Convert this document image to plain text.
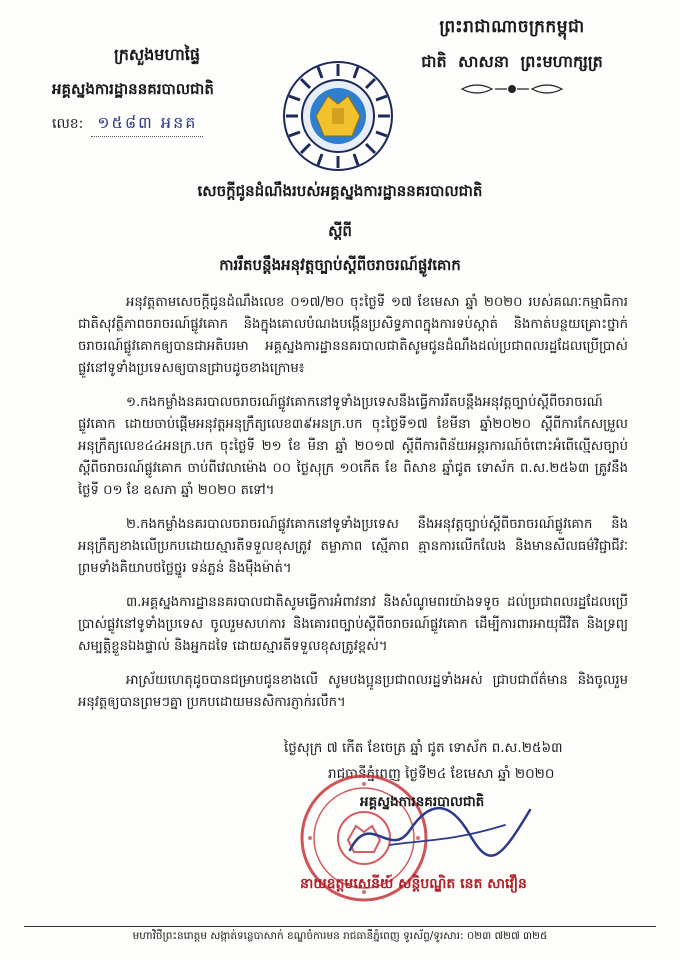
ព្រះរាជាណាចក្រកម្ពុជា
ជាតិ សាសនា ព្រះមហាក្សត្រ
ក្រសួងមហាផ្ទៃ
អគ្គស្នងការដ្ឋាននគរបាលជាតិ
លេខ: ១៥៨៣ អនគ
សេចក្តីជូនដំណឹងរបស់អគ្គស្នងការដ្ឋាននគរបាលជាតិ
ស្តីពី
ការរឹតបន្តឹងអនុវត្តច្បាប់ស្តីពីចរាចរណ៍ផ្លូវគោក

អនុវត្តតាមសេចក្តីជូនដំណឹងលេខ ០១៧/២០ ចុះថ្ងៃទី ១៧ ខែមេសា ឆ្នាំ ២០២០ របស់គណៈកម្មាធិការជាតិសុវត្ថិភាពចរាចរណ៍ផ្លូវគោក និងក្នុងគោលបំណងបង្កើនប្រសិទ្ធភាពក្នុងការទប់ស្កាត់ និងកាត់បន្ថយគ្រោះថ្នាក់ចរាចរណ៍ផ្លូវគោកឲ្យបានជាអតិបរមា អគ្គស្នងការដ្ឋាននគរបាលជាតិសូមជូនដំណឹងដល់ប្រជាពលរដ្ឋដែលប្រើប្រាស់ផ្លូវនៅទូទាំងប្រទេសឲ្យបានជ្រាបដូចខាងក្រោម៖

១.កងកម្លាំងនគរបាលចរាចរណ៍ផ្លូវគោកនៅទូទាំងប្រទេសនឹងធ្វើការរឹតបន្តឹងអនុវត្តច្បាប់ស្តីពីចរាចរណ៍ផ្លូវគោក ដោយចាប់ផ្តើមអនុវត្តអនុក្រឹត្យលេខ៣៩អនក្រ.បក ចុះថ្ងៃទី១៧ ខែមីនា ឆ្នាំ២០២០ ស្តីពីការកែសម្រួលអនុក្រឹត្យលេខ៤៤អនក្រ.បក ចុះថ្ងៃទី ២១ ខែ មីនា ឆ្នាំ ២០១៧ ស្តីពីការពិន័យអន្តរការណ៍ចំពោះអំពើល្មើសច្បាប់ស្តីពីចរាចរណ៍ផ្លូវគោក ចាប់ពីវេលាម៉ោង ០០ ថ្ងៃសុក្រ ១០កើត ខែ ពិសាខ ឆ្នាំជូត ទោស័ក ព.ស.២៥៦៣ ត្រូវនឹងថ្ងៃទី ០១ ខែ ឧសភា ឆ្នាំ ២០២០ តទៅ។

២.កងកម្លាំងនគរបាលចរាចរណ៍ផ្លូវគោកនៅទូទាំងប្រទេស នឹងអនុវត្តច្បាប់ស្តីពីចរាចរណ៍ផ្លូវគោក និងអនុក្រឹត្យខាងលើប្រកបដោយស្មារតីទទួលខុសត្រូវ តម្លាភាព ស្មើភាព គ្មានការលើកលែង និងមានសីលធម៌វិជ្ជាជីវៈ ព្រមទាំងគិយាបថថ្លៃថ្នូរ ទន់ភ្លន់ និងម៉ឺងម៉ាត់។

៣.អគ្គស្នងការដ្ឋាននគរបាលជាតិសូមធ្វើការអំពាវនាវ និងសំណូមពរយ៉ាងទទូច ដល់ប្រជាពលរដ្ឋដែលប្រើប្រាស់ផ្លូវនៅទូទាំងប្រទេស ចូលរួមសហការ និងគោរពច្បាប់ស្តីពីចរាចរណ៍ផ្លូវគោក ដើម្បីការពារអាយុជីវិត និងទ្រព្យសម្បត្តិខ្លួនឯងផ្ទាល់ និងអ្នកដទៃ ដោយស្មារតីទទួលខុសត្រូវខ្ពស់។

អាស្រ័យហេតុដូចបានជម្រាបជូនខាងលើ សូមបងប្អូនប្រជាពលរដ្ឋទាំងអស់ ជ្រាបជាព័ត៌មាន និងចូលរួមអនុវត្តឲ្យបានព្រមៗគ្នា ប្រកបដោយមនសិការភ្ញាក់រលឹក។

ថ្ងៃសុក្រ ៧ កើត ខែចេត្រ ឆ្នាំ ជូត ទោស័ក ព.ស.២៥៦៣
រាជធានីភ្នំពេញ ថ្ងៃទី២៤ ខែមេសា ឆ្នាំ ២០២០
អគ្គស្នងការនគរបាលជាតិ
នាយឧត្តមសេនីយ៍ សន្តិបណ្ឌិត នេត សាវឿន
មហាវិថីព្រះនរោត្តម សង្កាត់ទន្លេបាសាក់ ខណ្ឌចំការមន រាជធានីភ្នំពេញ ទូរស័ព្ទ/ទូរសារ: ០២៣ ៧២៧ ៣២៥
